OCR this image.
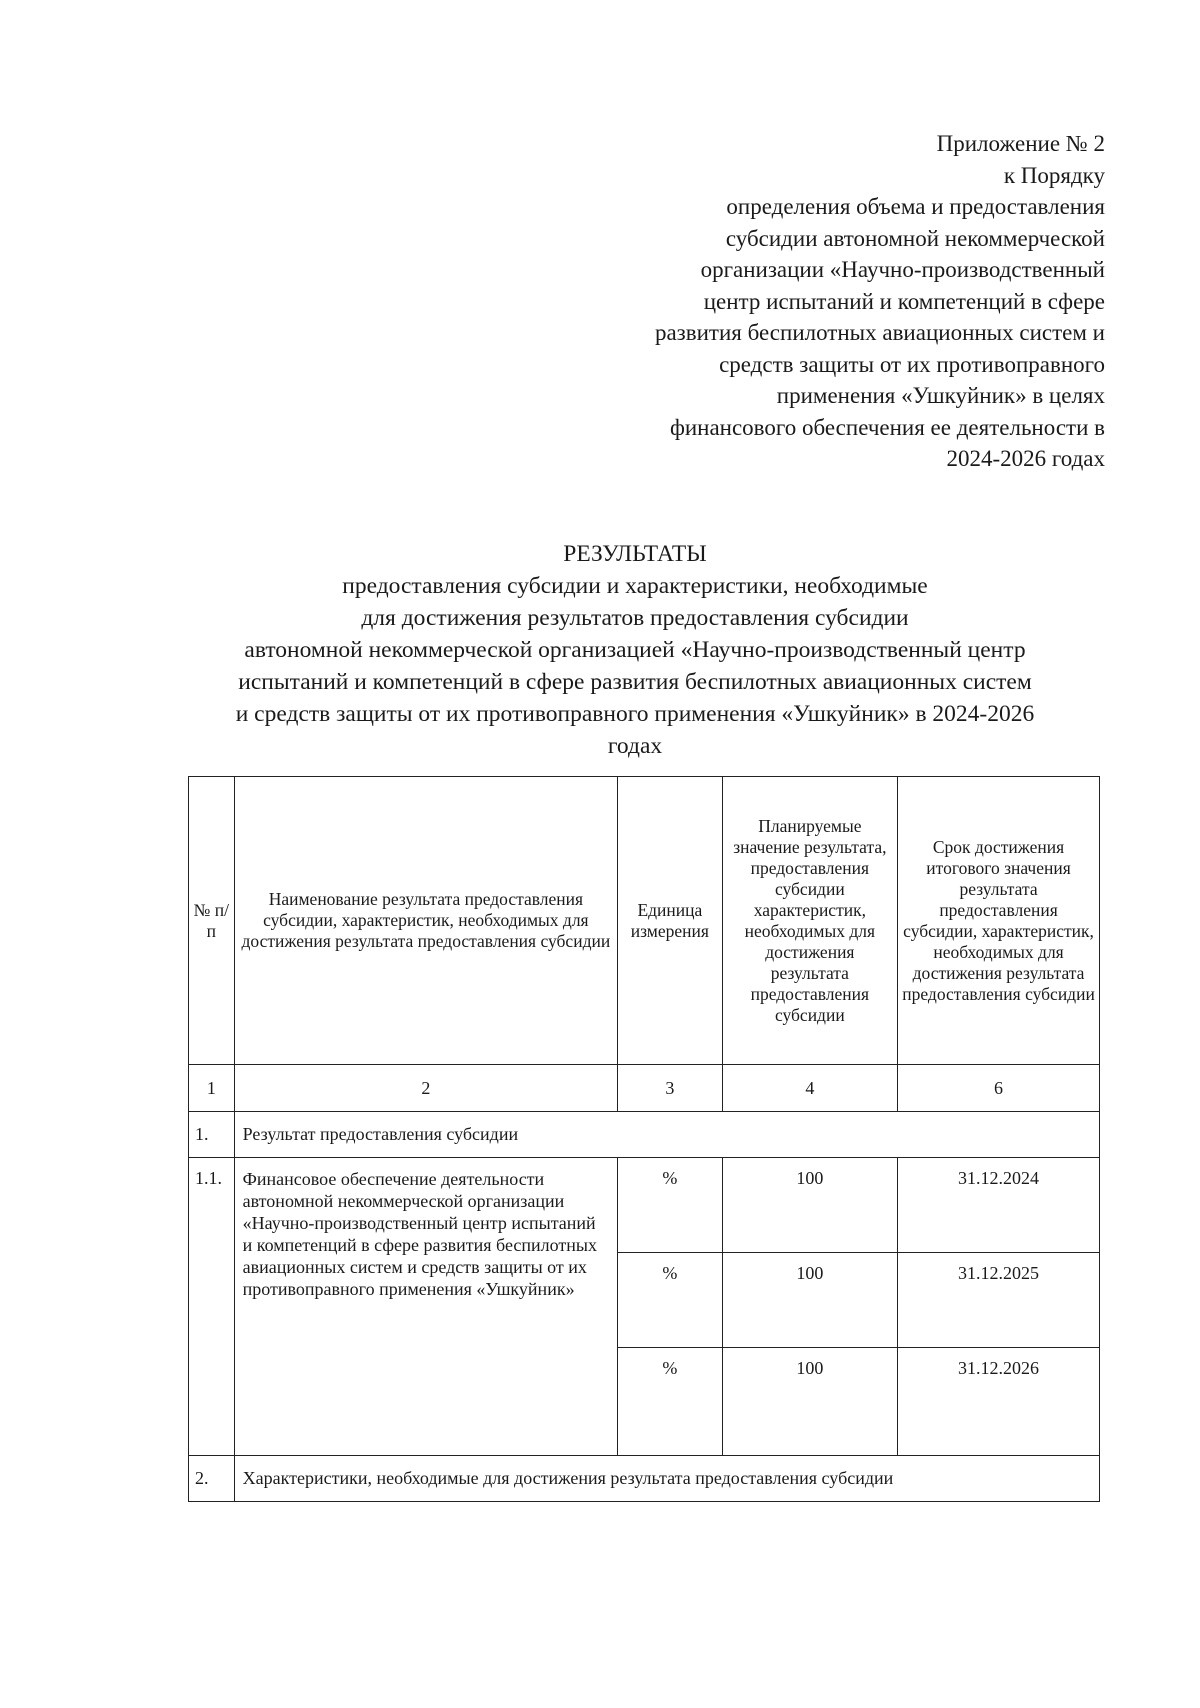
Приложение № 2
к Порядку
определения объема и предоставления
субсидии автономной некоммерческой
организации «Научно-производственный
центр испытаний и компетенций в сфере
развития беспилотных авиационных систем и
средств защиты от их противоправного
применения «Ушкуйник» в целях
финансового обеспечения ее деятельности в
2024-2026 годах
РЕЗУЛЬТАТЫ
предоставления субсидии и характеристики, необходимые
для достижения результатов предоставления субсидии
автономной некоммерческой организацией «Научно-производственный центр
испытаний и компетенций в сфере развития беспилотных авиационных систем
и средств защиты от их противоправного применения «Ушкуйник» в 2024-2026
годах
№ п/п	Наименование результата предоставления субсидии, характеристик, необходимых для достижения результата предоставления субсидии	Единица измерения	Планируемые значение результата, предоставления субсидии характеристик, необходимых для достижения результата предоставления субсидии	Срок достижения итогового значения результата предоставления субсидии, характеристик, необходимых для достижения результата предоставления субсидии
1	2	3	4	6
1.	Результат предоставления субсидии			
1.1.	Финансовое обеспечение деятельности автономной некоммерческой организации «Научно-производственный центр испытаний и компетенций в сфере развития беспилотных авиационных систем и средств защиты от их противоправного применения «Ушкуйник»	%	100	31.12.2024
		%	100	31.12.2025
		%	100	31.12.2026
2.	Характеристики, необходимые для достижения результата предоставления субсидии			
